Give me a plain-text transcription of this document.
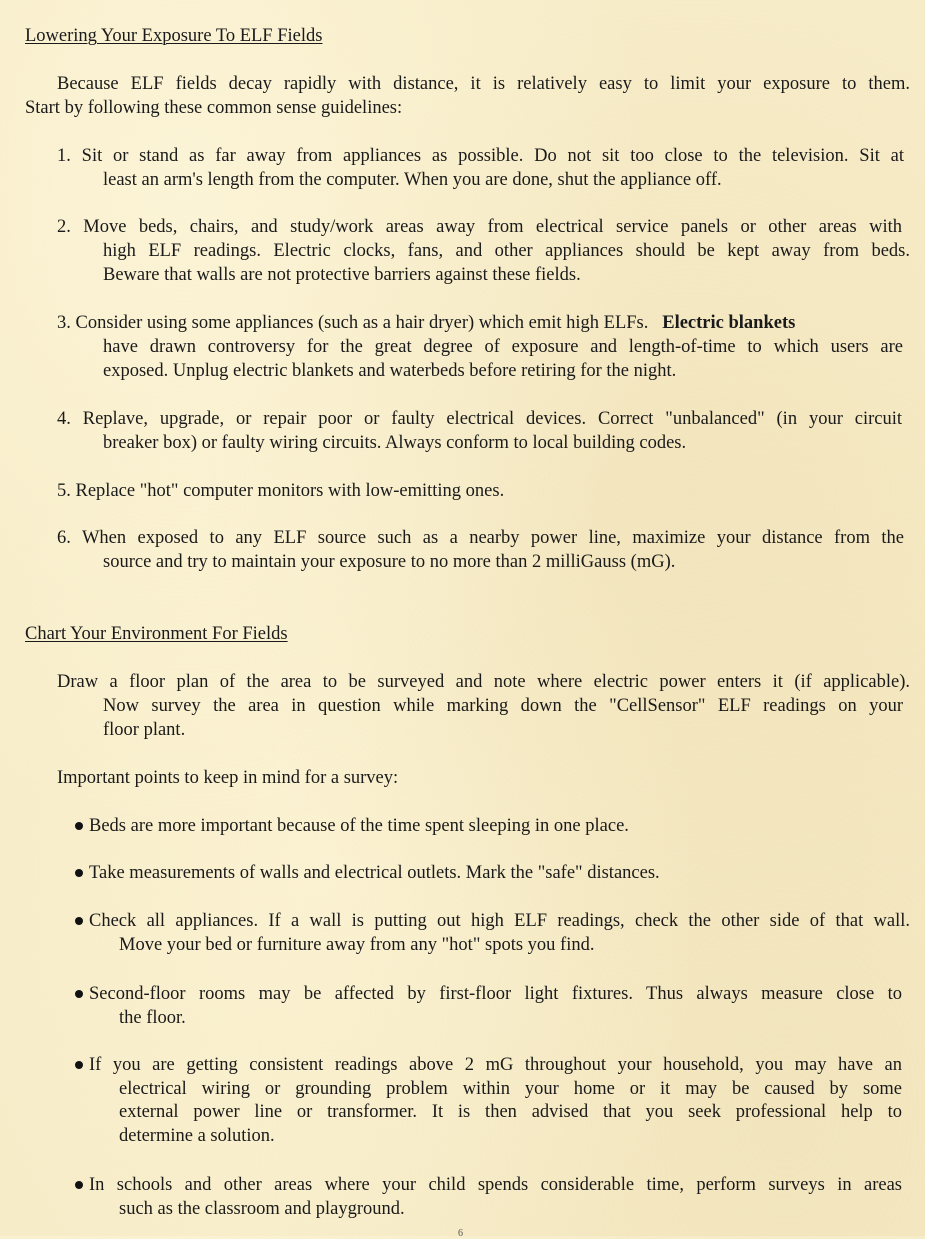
Lowering Your Exposure To ELF Fields
Because ELF fields decay rapidly with distance, it is relatively easy to limit your exposure to them.
Start by following these common sense guidelines:
1. Sit or stand as far away from appliances as possible. Do not sit too close to the television. Sit at
least an arm's length from the computer. When you are done, shut the appliance off.
2. Move beds, chairs, and study/work areas away from electrical service panels or other areas with
high ELF readings. Electric clocks, fans, and other appliances should be kept away from beds.
Beware that walls are not protective barriers against these fields.
3. Consider using some appliances (such as a hair dryer) which emit high ELFs. Electric blankets
have drawn controversy for the great degree of exposure and length-of-time to which users are
exposed. Unplug electric blankets and waterbeds before retiring for the night.
4. Replave, upgrade, or repair poor or faulty electrical devices. Correct "unbalanced" (in your circuit
breaker box) or faulty wiring circuits. Always conform to local building codes.
5. Replace "hot" computer monitors with low-emitting ones.
6. When exposed to any ELF source such as a nearby power line, maximize your distance from the
source and try to maintain your exposure to no more than 2 milliGauss (mG).
Chart Your Environment For Fields
Draw a floor plan of the area to be surveyed and note where electric power enters it (if applicable).
Now survey the area in question while marking down the "CellSensor" ELF readings on your
floor plant.
Important points to keep in mind for a survey:
Beds are more important because of the time spent sleeping in one place.
Take measurements of walls and electrical outlets. Mark the "safe" distances.
Check all appliances. If a wall is putting out high ELF readings, check the other side of that wall.
Move your bed or furniture away from any "hot" spots you find.
Second-floor rooms may be affected by first-floor light fixtures. Thus always measure close to
the floor.
If you are getting consistent readings above 2 mG throughout your household, you may have an
electrical wiring or grounding problem within your home or it may be caused by some
external power line or transformer. It is then advised that you seek professional help to
determine a solution.
In schools and other areas where your child spends considerable time, perform surveys in areas
such as the classroom and playground.
6
